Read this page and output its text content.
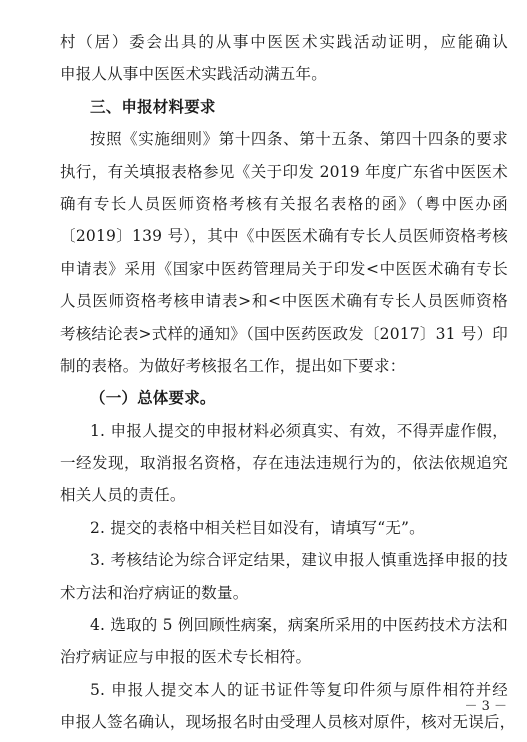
村（居）委会出具的从事中医医术实践活动证明，应能确认
申报人从事中医医术实践活动满五年。
三、申报材料要求
按照《实施细则》第十四条、第十五条、第四十四条的要求
执行，有关填报表格参见《关于印发 2019 年度广东省中医医术
确有专长人员医师资格考核有关报名表格的函》（粤中医办函
〔2019〕139 号），其中《中医医术确有专长人员医师资格考核
申请表》采用《国家中医药管理局关于印发<中医医术确有专长
人员医师资格考核申请表>和<中医医术确有专长人员医师资格
考核结论表>式样的通知》（国中医药医政发〔2017〕31 号）印
制的表格。为做好考核报名工作，提出如下要求：
（一）总体要求。
1. 申报人提交的申报材料必须真实、有效，不得弄虚作假，
一经发现，取消报名资格，存在违法违规行为的，依法依规追究
相关人员的责任。
2. 提交的表格中相关栏目如没有，请填写“无”。
3. 考核结论为综合评定结果，建议申报人慎重选择申报的技
术方法和治疗病证的数量。
4. 选取的 5 例回顾性病案，病案所采用的中医药技术方法和
治疗病证应与申报的医术专长相符。
5. 申报人提交本人的证书证件等复印件须与原件相符并经
申报人签名确认，现场报名时由受理人员核对原件，核对无误后，
－ 3 －
